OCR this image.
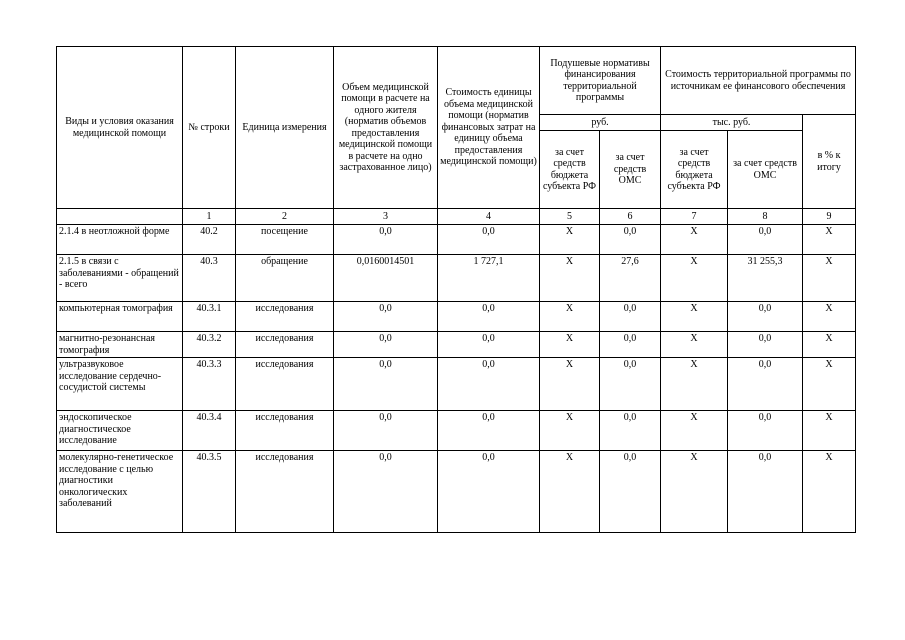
Виды и условия оказания медицинской помощи	№ строки	Единица измерения	Объем медицинской помощи в расчете на одного жителя (норматив объемов предоставления медицинской помощи в расчете на одно застрахованное лицо)	Стоимость единицы объема медицинской помощи (норматив финансовых затрат на единицу объема предоставления медицинской помощи)	Подушевые нормативы финансирования территориальной программы		Стоимость территориальной программы по источникам ее финансового обеспечения		
					руб.		тыс. руб.		в % к итогу
					за счет средств бюджета субъекта РФ	за счет средств ОМС	за счет средств бюджета субъекта РФ	за счет средств ОМС	
	1	2	3	4	5	6	7	8	9
2.1.4 в неотложной форме	40.2	посещение	0,0	0,0	X	0,0	X	0,0	X
2.1.5 в связи с заболеваниями - обращений - всего	40.3	обращение	0,0160014501	1 727,1	X	27,6	X	31 255,3	X
компьютерная томография	40.3.1	исследования	0,0	0,0	X	0,0	X	0,0	X
магнитно-резонансная томография	40.3.2	исследования	0,0	0,0	X	0,0	X	0,0	X
ультразвуковое исследование сердечно-сосудистой системы	40.3.3	исследования	0,0	0,0	X	0,0	X	0,0	X
эндоскопическое диагностическое исследование	40.3.4	исследования	0,0	0,0	X	0,0	X	0,0	X
молекулярно-генетическое исследование с целью диагностики онкологических заболеваний	40.3.5	исследования	0,0	0,0	X	0,0	X	0,0	X
